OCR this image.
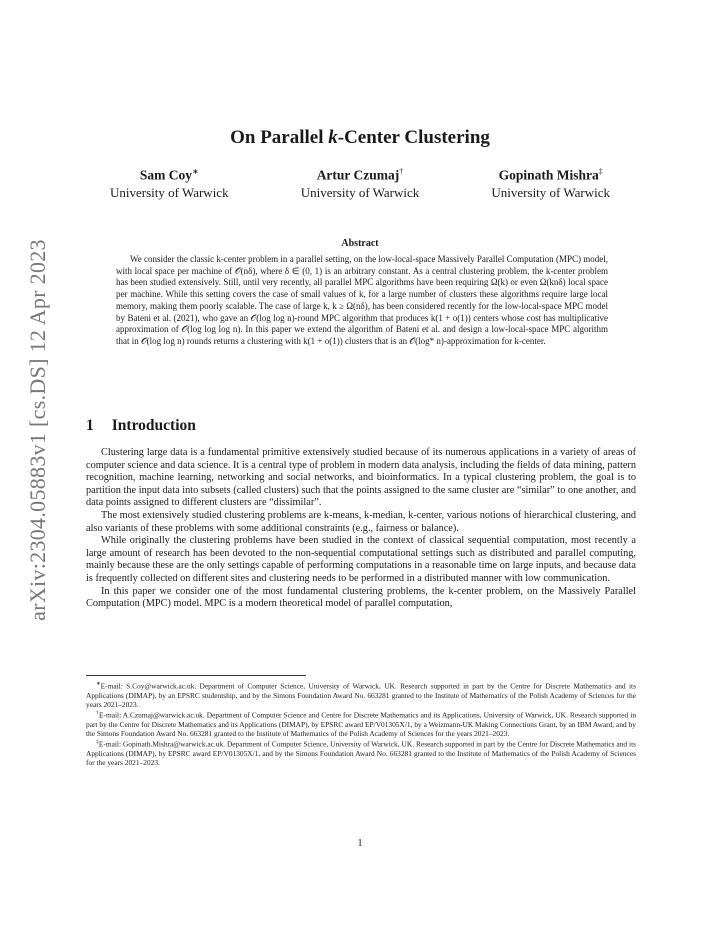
arXiv:2304.05883v1 [cs.DS] 12 Apr 2023
On Parallel k-Center Clustering
Sam Coy∗
University of Warwick
Artur Czumaj†
University of Warwick
Gopinath Mishra‡
University of Warwick
Abstract
We consider the classic k-center problem in a parallel setting, on the low-local-space Massively Parallel Computation (MPC) model, with local space per machine of 𝒪(nδ), where δ ∈ (0, 1) is an arbitrary constant. As a central clustering problem, the k-center problem has been studied extensively. Still, until very recently, all parallel MPC algorithms have been requiring Ω(k) or even Ω(knδ) local space per machine. While this setting covers the case of small values of k, for a large number of clusters these algorithms require large local memory, making them poorly scalable. The case of large k, k ≥ Ω(nδ), has been considered recently for the low-local-space MPC model by Bateni et al. (2021), who gave an 𝒪(log log n)-round MPC algorithm that produces k(1 + o(1)) centers whose cost has multiplicative approximation of 𝒪(log log log n). In this paper we extend the algorithm of Bateni et al. and design a low-local-space MPC algorithm that in 𝒪(log log n) rounds returns a clustering with k(1 + o(1)) clusters that is an 𝒪(log* n)-approximation for k-center.
1 Introduction

Clustering large data is a fundamental primitive extensively studied because of its numerous applications in a variety of areas of computer science and data science. It is a central type of problem in modern data analysis, including the fields of data mining, pattern recognition, machine learning, networking and social networks, and bioinformatics. In a typical clustering problem, the goal is to partition the input data into subsets (called clusters) such that the points assigned to the same cluster are “similar” to one another, and data points assigned to different clusters are “dissimilar”.

The most extensively studied clustering problems are k-means, k-median, k-center, various notions of hierarchical clustering, and also variants of these problems with some additional constraints (e.g., fairness or balance).

While originally the clustering problems have been studied in the context of classical sequential computation, most recently a large amount of research has been devoted to the non-sequential computational settings such as distributed and parallel computing, mainly because these are the only settings capable of performing computations in a reasonable time on large inputs, and because data is frequently collected on different sites and clustering needs to be performed in a distributed manner with low communication.

In this paper we consider one of the most fundamental clustering problems, the k-center problem, on the Massively Parallel Computation (MPC) model. MPC is a modern theoretical model of parallel computation,

∗E-mail: S.Coy@warwick.ac.uk. Department of Computer Science, University of Warwick, UK. Research supported in part by the Centre for Discrete Mathematics and its Applications (DIMAP), by an EPSRC studentship, and by the Simons Foundation Award No. 663281 granted to the Institute of Mathematics of the Polish Academy of Sciences for the years 2021–2023.

†E-mail: A.Czumaj@warwick.ac.uk. Department of Computer Science and Centre for Discrete Mathematics and its Applications, University of Warwick, UK. Research supported in part by the Centre for Discrete Mathematics and its Applications (DIMAP), by EPSRC award EP/V01305X/1, by a Weizmann-UK Making Connections Grant, by an IBM Award, and by the Simons Foundation Award No. 663281 granted to the Institute of Mathematics of the Polish Academy of Sciences for the years 2021–2023.

‡E-mail: Gopinath.Mishra@warwick.ac.uk. Department of Computer Science, University of Warwick, UK. Research supported in part by the Centre for Discrete Mathematics and its Applications (DIMAP), by EPSRC award EP/V01305X/1, and by the Simons Foundation Award No. 663281 granted to the Institute of Mathematics of the Polish Academy of Sciences for the years 2021–2023.

1
